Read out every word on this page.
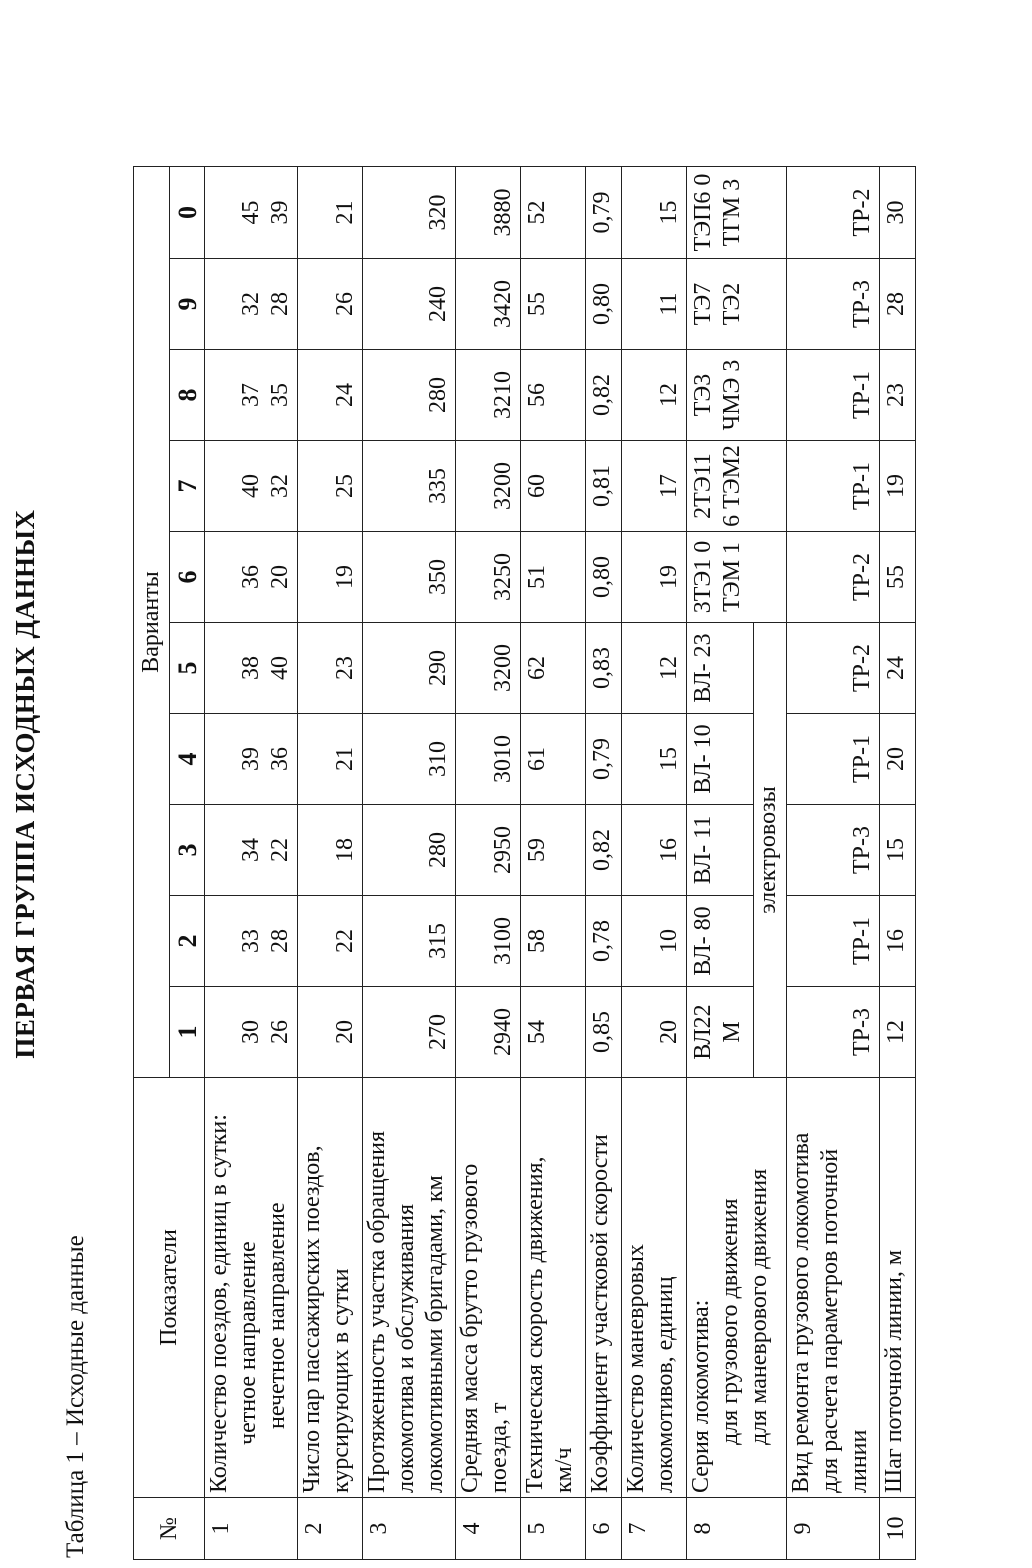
ПЕРВАЯ ГРУППА ИСХОДНЫХ ДАННЫХ
Таблица 1 – Исходные данные	№	Показатели	Варианты									
		1	2	3	4	5	6	7	8	9	0
1	Количество поездов, единиц в сутки: четное направление нечетное направление	30 26	33 28	34 22	39 36	38 40	36 20	40 32	37 35	32 28	45 39

2	Число пар пассажирских поездов, курсирующих в сутки	20	22	18	21	23	19	25	24	26	21
3	Протяженность участка обращения локомотива и обслуживания локомотивными бригадами, км	270	315	280	310	290	350	335	280	240	320
4	Средняя масса брутто грузового поезда, т	2940	3100	2950	3010	3200	3250	3200	3210	3420	3880
5	Техническая скорость движения, км/ч	54	58	59	61	62	51	60	56	55	52
6	Коэффициент участковой скорости	0,85	0,78	0,82	0,79	0,83	0,80	0,81	0,82	0,80	0,79
7	Количество маневровых локомотивов, единиц	20	10	16	15	12	19	17	12	11	15
8	Серия локомотива: для грузового движения для маневрового движения	ВЛ22 М	ВЛ- 80	ВЛ- 11	ВЛ- 10	ВЛ- 23	3ТЭ1 0 ТЭМ 1	2ТЭ11 6 ТЭМ2	ТЭ3 ЧМЭ 3	ТЭ7 ТЭ2	ТЭП6 0 ТГМ 3
		электровозы									
9	Вид ремонта грузового локомотива для расчета параметров поточной линии	ТР-3	ТР-1	ТР-3	ТР-1	ТР-2	ТР-2	ТР-1	ТР-1	ТР-3	ТР-2
10	Шаг поточной линии, м	12	16	15	20	24	55	19	23	28	30
